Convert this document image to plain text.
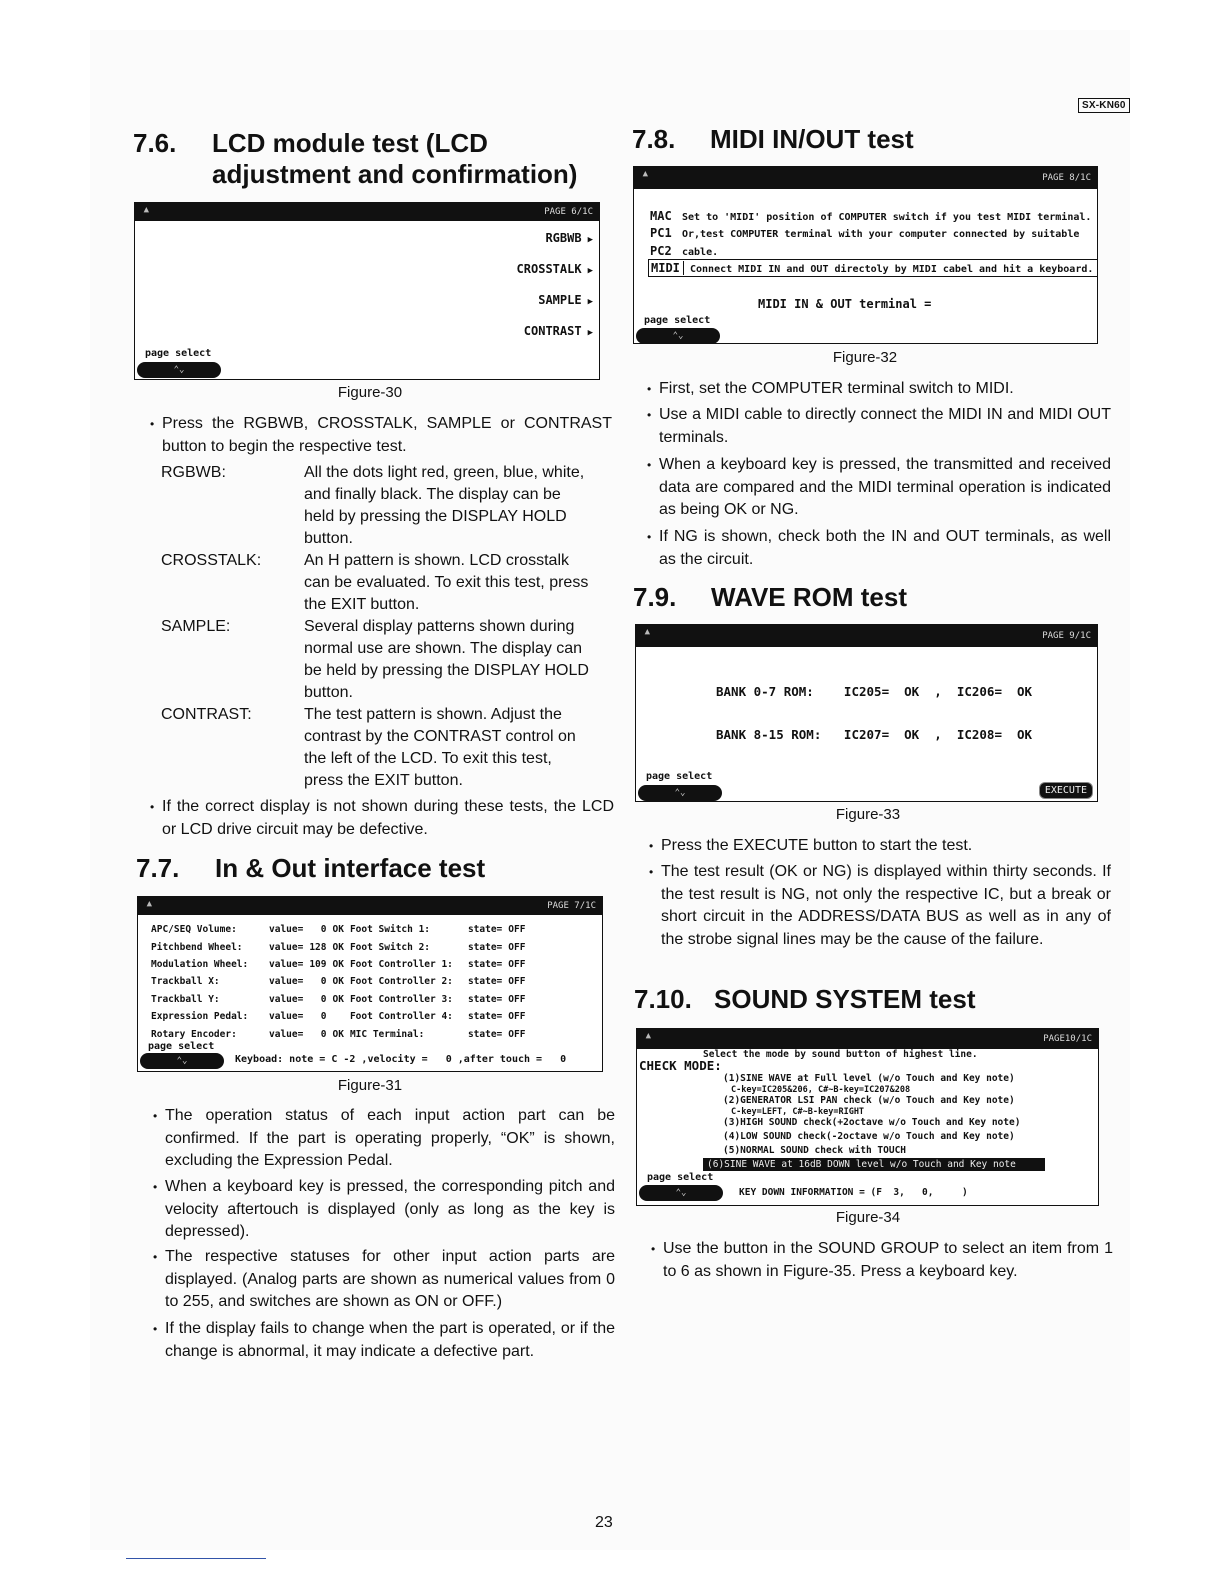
SX-KN60
7.6. LCD module test (LCD
adjustment and confirmation)
▲	PAGE 6/1C
RGBWB ▶
CROSSTALK ▶
SAMPLE ▶
CONTRAST ▶
page select
⌃⌄
Figure-30
• Press the RGBWB, CROSSTALK, SAMPLE or CONTRAST button to begin the respective test.
RGBWB:	All the dots light red, green, blue, white, and finally black. The display can be held by pressing the DISPLAY HOLD button.
CROSSTALK:	An H pattern is shown. LCD crosstalk can be evaluated. To exit this test, press the EXIT button.
SAMPLE:	Several display patterns shown during normal use are shown. The display can be held by pressing the DISPLAY HOLD button.
CONTRAST:	The test pattern is shown. Adjust the contrast by the CONTRAST control on the left of the LCD. To exit this test, press the EXIT button.
• If the correct display is not shown during these tests, the LCD or LCD drive circuit may be defective.
7.7. In & Out interface test
▲	PAGE 7/1C
APC/SEQ Volume:	value=	0	OK	Foot Switch 1:	state=	OFF
Pitchbend Wheel:	value=	128	OK	Foot Switch 2:	state=	OFF
Modulation Wheel:	value=	109	OK	Foot Controller 1:	state=	OFF
Trackball X:	value=	0	OK	Foot Controller 2:	state=	OFF
Trackball Y:	value=	0	OK	Foot Controller 3:	state=	OFF
Expression Pedal:	value=	0		Foot Controller 4:	state=	OFF
Rotary Encoder:	value=	0	OK	MIC Terminal:	state=	OFF
page select
⌃⌄	Keyboad: note = C -2 ,velocity =   0 ,after touch =   0
Figure-31
• The operation status of each input action part can be confirmed. If the part is operating properly, “OK” is shown, excluding the Expression Pedal.
• When a keyboard key is pressed, the corresponding pitch and velocity aftertouch is displayed (only as long as the key is depressed).
• The respective statuses for other input action parts are displayed. (Analog parts are shown as numerical values from 0 to 255, and switches are shown as ON or OFF.)
• If the display fails to change when the part is operated, or if the change is abnormal, it may indicate a defective part.
7.8. MIDI IN/OUT test
▲	PAGE 8/1C
MAC Set to 'MIDI' position of COMPUTER switch if you test MIDI terminal.
PC1 Or,test COMPUTER terminal with your computer connected by suitable
PC2 cable.
MIDI Connect MIDI IN and OUT directoly by MIDI cabel and hit a keyboard.
MIDI IN & OUT terminal =
page select
⌃⌄
Figure-32
• First, set the COMPUTER terminal switch to MIDI.
• Use a MIDI cable to directly connect the MIDI IN and MIDI OUT terminals.
• When a keyboard key is pressed, the transmitted and received data are compared and the MIDI terminal operation is indicated as being OK or NG.
• If NG is shown, check both the IN and OUT terminals, as well as the circuit.
7.9. WAVE ROM test
▲	PAGE 9/1C
BANK 0-7 ROM:    IC205=  OK  ,  IC206=  OK
BANK 8-15 ROM:   IC207=  OK  ,  IC208=  OK
page select
⌃⌄	EXECUTE
Figure-33
• Press the EXECUTE button to start the test.
• The test result (OK or NG) is displayed within thirty seconds. If the test result is NG, not only the respective IC, but a break or short circuit in the ADDRESS/DATA BUS as well as in any of the strobe signal lines may be the cause of the failure.
7.10. SOUND SYSTEM test
▲	PAGE10/1C
Select the mode by sound button of highest line.
CHECK MODE:
(1)SINE WAVE at Full level (w/o Touch and Key note)
C-key=IC205&206, C#~B-key=IC207&208
(2)GENERATOR LSI PAN check (w/o Touch and Key note)
C-key=LEFT, C#~B-key=RIGHT
(3)HIGH SOUND check(+2octave w/o Touch and Key note)
(4)LOW SOUND check(-2octave w/o Touch and Key note)
(5)NORMAL SOUND check with TOUCH
(6)SINE WAVE at 16dB DOWN level w/o Touch and Key note
page select
⌃⌄	KEY DOWN INFORMATION = (F  3,   0,     )
Figure-34
• Use the button in the SOUND GROUP to select an item from 1 to 6 as shown in Figure-35. Press a keyboard key.
23
